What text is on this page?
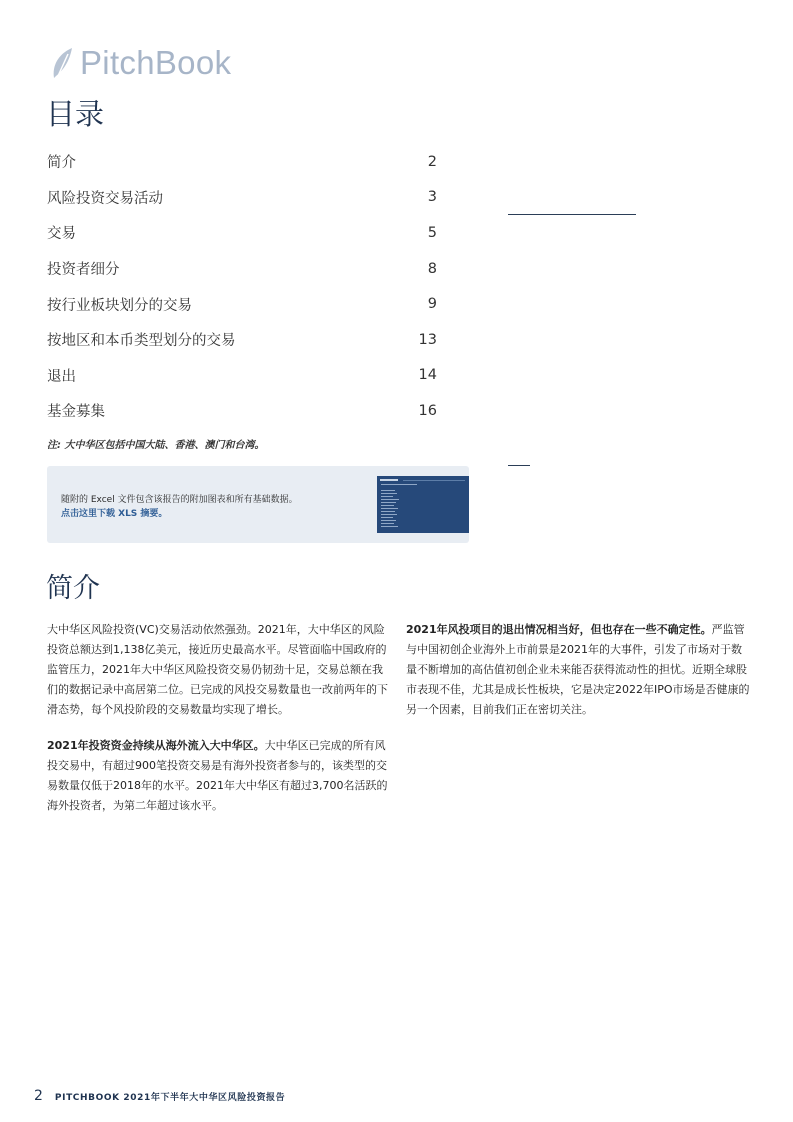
PitchBook
目录
简介	2
风险投资交易活动	3
交易	5
投资者细分	8
按行业板块划分的交易	9
按地区和本币类型划分的交易	13
退出	14
基金募集	16
注: 大中华区包括中国大陆、香港、澳门和台湾。
随附的 Excel 文件包含该报告的附加图表和所有基础数据。
点击这里下载 XLS 摘要。
简介

大中华区风险投资(VC)交易活动依然强劲。2021年，大中华区的风险投资总额达到1,138亿美元，接近历史最高水平。尽管面临中国政府的监管压力，2021年大中华区风险投资交易仍韧劲十足，交易总额在我们的数据记录中高居第二位。已完成的风投交易数量也一改前两年的下滑态势，每个风投阶段的交易数量均实现了增长。

2021年投资资金持续从海外流入大中华区。大中华区已完成的所有风投交易中，有超过900笔投资交易是有海外投资者参与的，该类型的交易数量仅低于2018年的水平。2021年大中华区有超过3,700名活跃的海外投资者，为第二年超过该水平。

2021年风投项目的退出情况相当好，但也存在一些不确定性。严监管与中国初创企业海外上市前景是2021年的大事件，引发了市场对于数量不断增加的高估值初创企业未来能否获得流动性的担忧。近期全球股市表现不佳，尤其是成长性板块，它是决定2022年IPO市场是否健康的另一个因素，目前我们正在密切关注。

2 PITCHBOOK 2021年下半年大中华区风险投资报告
